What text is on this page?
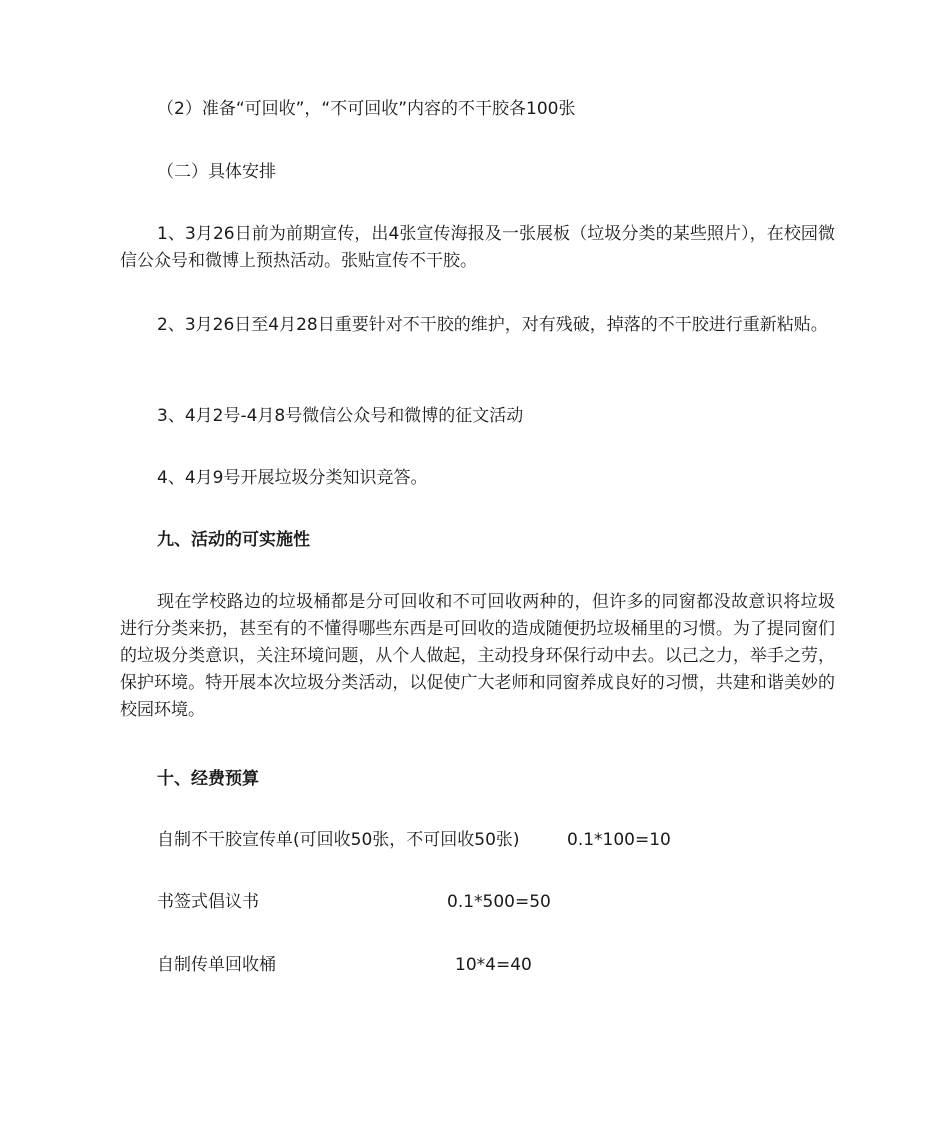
（2）准备“可回收”，“不可回收”内容的不干胶各100张
（二）具体安排
1、3月26日前为前期宣传，出4张宣传海报及一张展板（垃圾分类的某些照片），在校园微信公众号和微博上预热活动。张贴宣传不干胶。
2、3月26日至4月28日重要针对不干胶的维护，对有残破，掉落的不干胶进行重新粘贴。
3、4月2号-4月8号微信公众号和微博的征文活动
4、4月9号开展垃圾分类知识竞答。
九、活动的可实施性
现在学校路边的垃圾桶都是分可回收和不可回收两种的，但许多的同窗都没故意识将垃圾进行分类来扔，甚至有的不懂得哪些东西是可回收的造成随便扔垃圾桶里的习惯。为了提同窗们的垃圾分类意识，关注环境问题，从个人做起，主动投身环保行动中去。以己之力，举手之劳，保护环境。特开展本次垃圾分类活动，以促使广大老师和同窗养成良好的习惯，共建和谐美妙的校园环境。
十、经费预算
自制不干胶宣传单(可回收50张，不可回收50张)	0.1*100=10
书签式倡议书	0.1*500=50
自制传单回收桶	10*4=40
